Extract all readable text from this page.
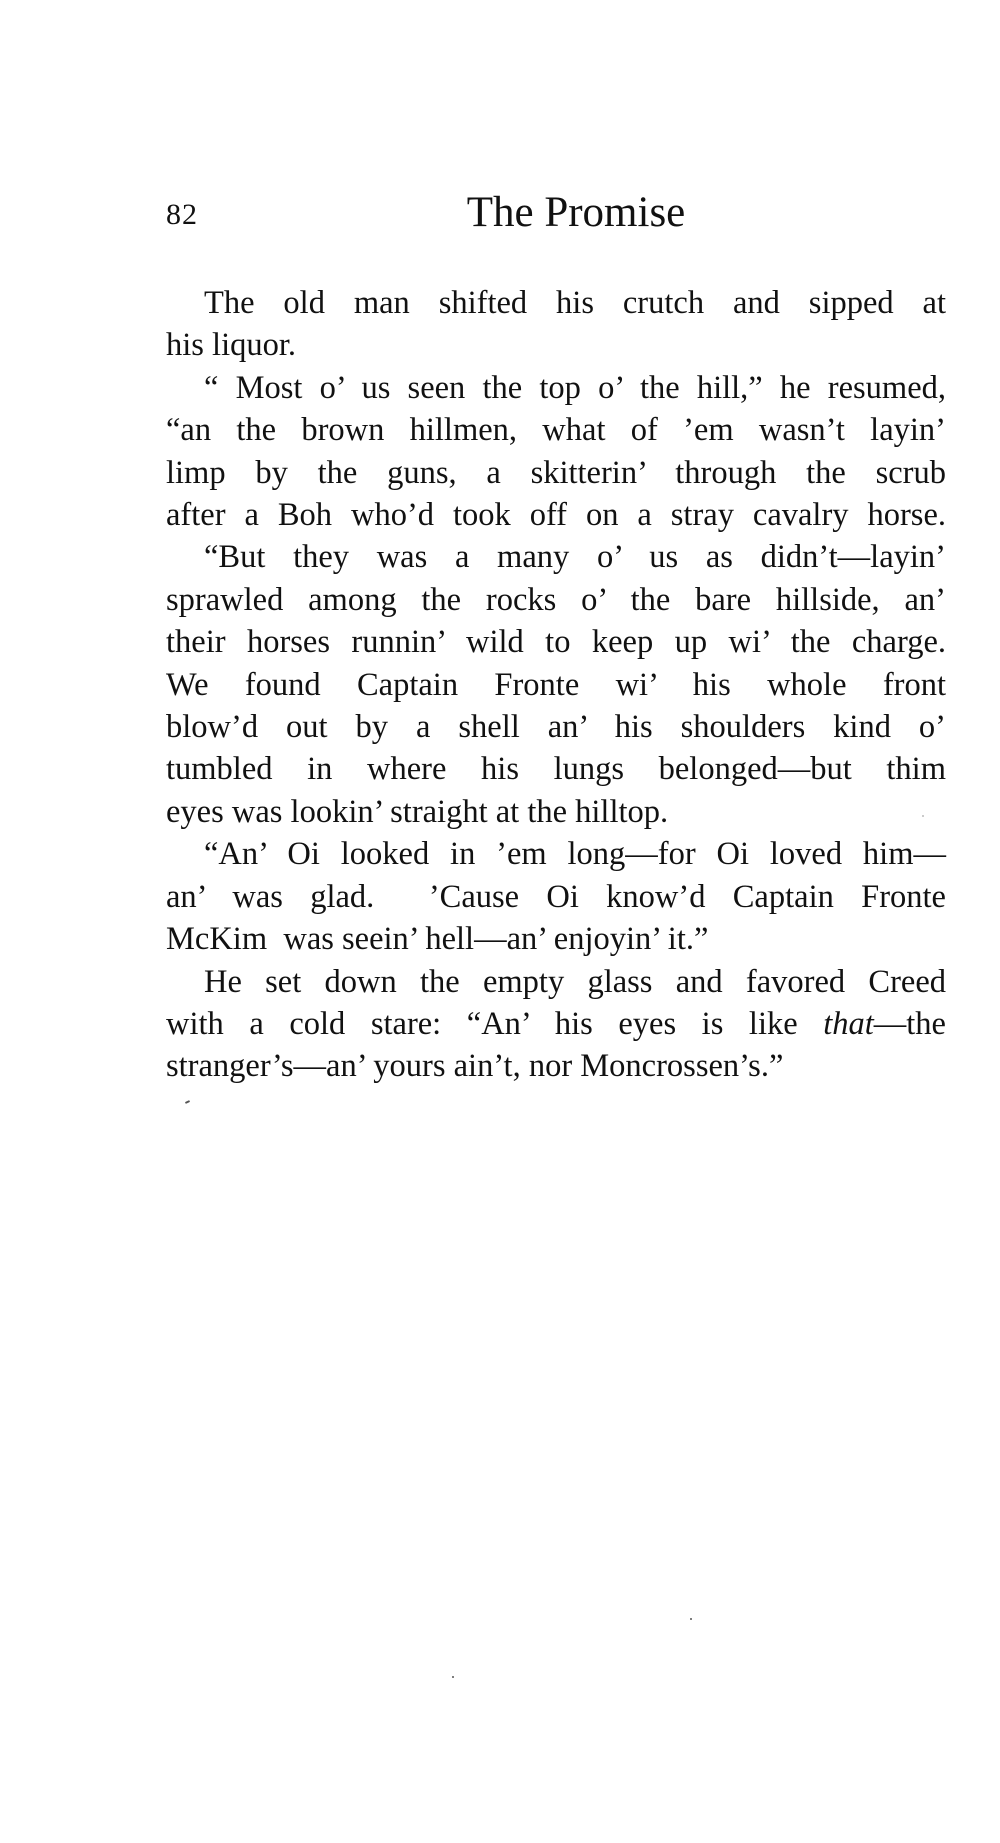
82	The Promise

The old man shifted his crutch and sipped at
his liquor.

“ Most o’ us seen the top o’ the hill,” he resumed,
“an the brown hillmen, what of ’em wasn’t layin’
limp by the guns, a skitterin’ through the scrub
after a Boh who’d took off on a stray cavalry horse.

“But they was a many o’ us as didn’t—layin’
sprawled among the rocks o’ the bare hillside, an’
their horses runnin’ wild to keep up wi’ the charge.
We found Captain Fronte wi’ his whole front
blow’d out by a shell an’ his shoulders kind o’
tumbled in where his lungs belonged—but thim
eyes was lookin’ straight at the hilltop.

“An’ Oi looked in ’em long—for Oi loved him—
an’ was glad.  ’Cause Oi know’d Captain Fronte
McKim  was seein’ hell—an’ enjoyin’ it.”

He set down the empty glass and favored Creed
with a cold stare: “An’ his eyes is like that—the
stranger’s—an’ yours ain’t, nor Moncrossen’s.”
